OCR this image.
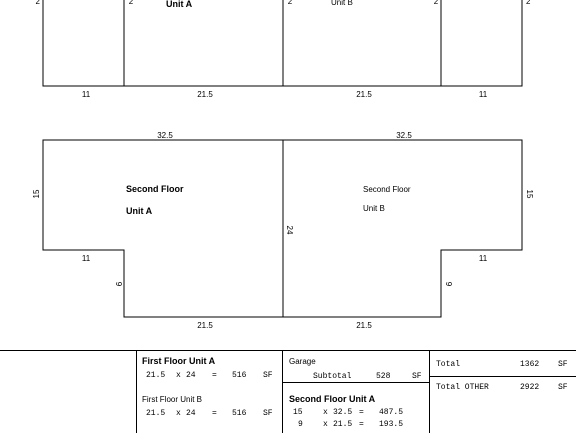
2	2	2	2	2
Unit A	Unit B
11	21.5	21.5	11
32.5	32.5
15	15
24
11	11
9	9
21.5	21.5
Second Floor
Unit A
Second Floor
Unit B
First Floor Unit A
21.5 x 24 = 516 SF
First Floor Unit B
21.5 x 24 = 516 SF
Garage
Subtotal	528	SF
Second Floor Unit A
15	x 32.5 = 487.5
9	x 21.5 = 193.5
Total	1362 SF
Total OTHER	2922 SF
